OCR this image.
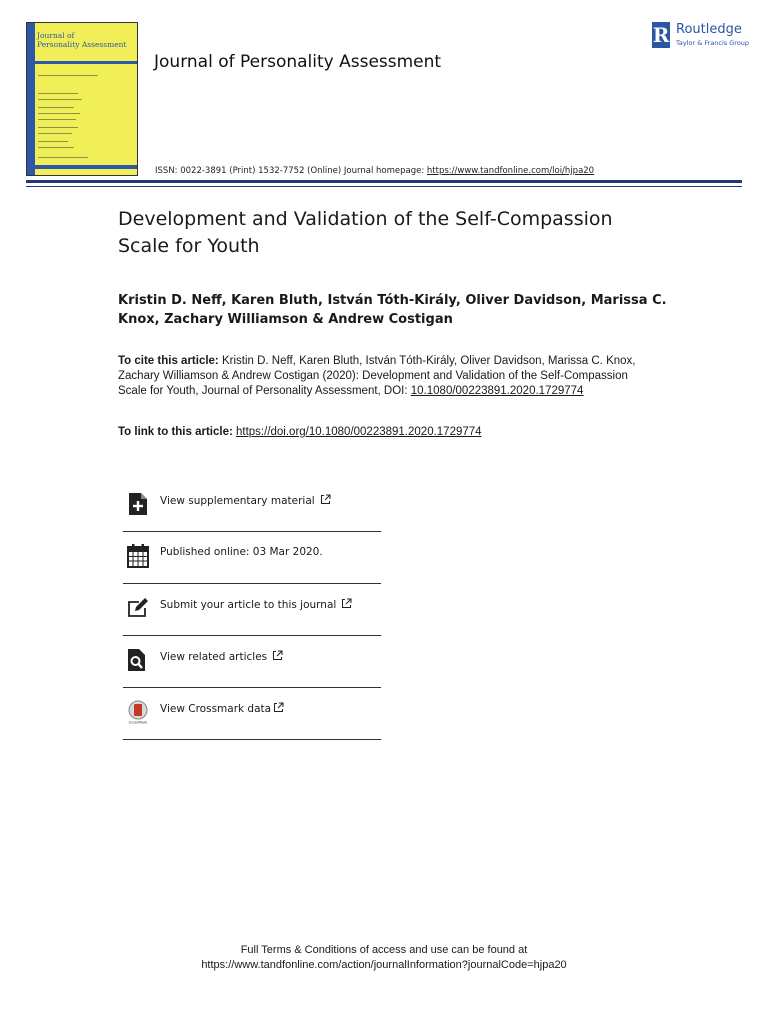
Journal of
Personality Assessment
Journal of Personality Assessment
R Routledge
Taylor & Francis Group
ISSN: 0022-3891 (Print) 1532-7752 (Online) Journal homepage: https://www.tandfonline.com/loi/hjpa20
Development and Validation of the Self-Compassion Scale for Youth
Kristin D. Neff, Karen Bluth, István Tóth-Király, Oliver Davidson, Marissa C. Knox, Zachary Williamson & Andrew Costigan
To cite this article: Kristin D. Neff, Karen Bluth, István Tóth-Király, Oliver Davidson, Marissa C. Knox, Zachary Williamson & Andrew Costigan (2020): Development and Validation of the Self-Compassion Scale for Youth, Journal of Personality Assessment, DOI: 10.1080/00223891.2020.1729774
To link to this article: https://doi.org/10.1080/00223891.2020.1729774
View supplementary material
Published online: 03 Mar 2020.
Submit your article to this journal
View related articles
CrossMark
View Crossmark data
Full Terms & Conditions of access and use can be found at
https://www.tandfonline.com/action/journalInformation?journalCode=hjpa20
